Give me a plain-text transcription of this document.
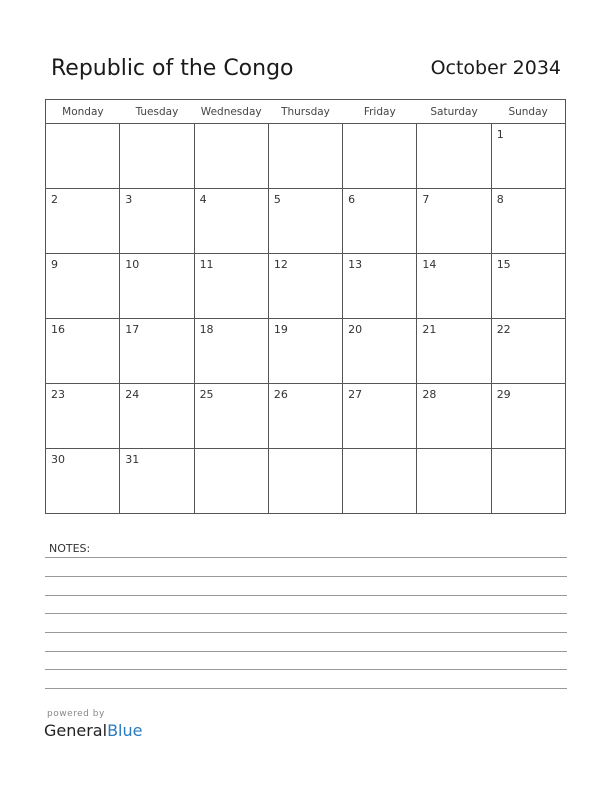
Republic of the Congo	October 2034
Monday	Tuesday	Wednesday	Thursday	Friday	Saturday	Sunday

						1

2	3	4	5	6	7	8

9	10	11	12	13	14	15

16	17	18	19	20	21	22

23	24	25	26	27	28	29

30	31					

NOTES:
powered by
GeneralBlue
